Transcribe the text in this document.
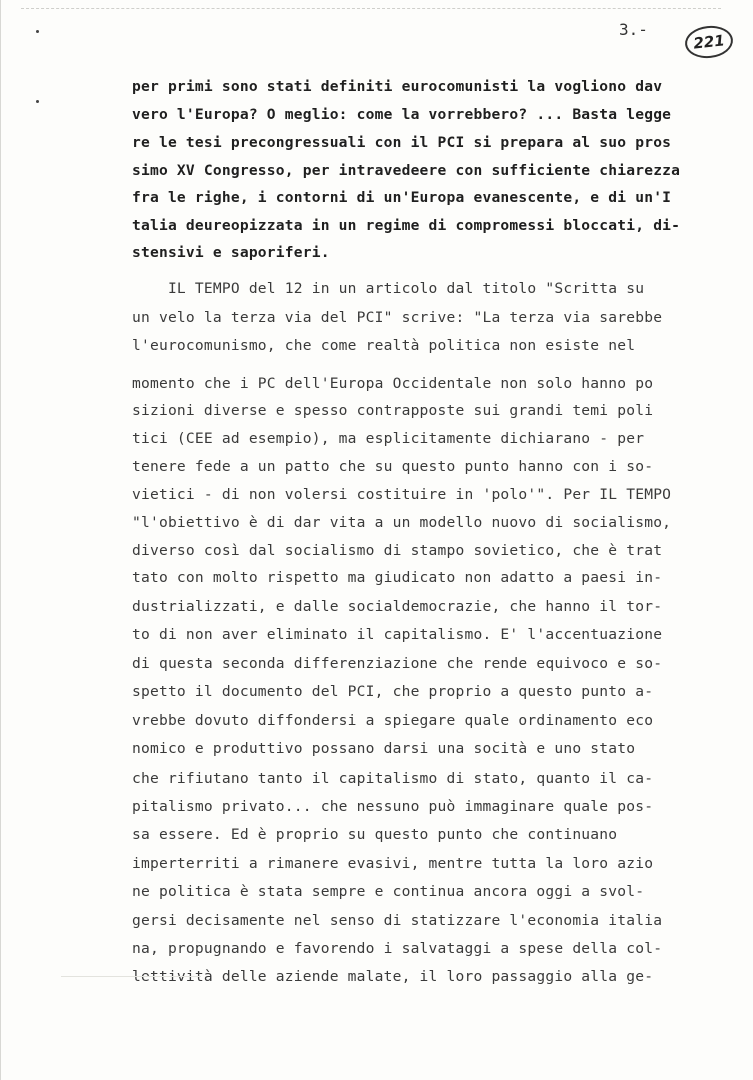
3.-
221
per primi sono stati definiti eurocomunisti la vogliono dav
vero l'Europa? O meglio: come la vorrebbero? ... Basta legge
re le tesi precongressuali con il PCI si prepara al suo pros
simo XV Congresso, per intravedeere con sufficiente chiarezza
fra le righe, i contorni di un'Europa evanescente, e di un'I
talia deureopizzata in un regime di compromessi bloccati, di-
stensivi e saporiferi.
IL TEMPO del 12 in un articolo dal titolo "Scritta su
un velo la terza via del PCI" scrive: "La terza via sarebbe
l'eurocomunismo, che come realtà politica non esiste nel
momento che i PC dell'Europa Occidentale non solo hanno po
sizioni diverse e spesso contrapposte sui grandi temi poli
tici (CEE ad esempio), ma esplicitamente dichiarano - per
tenere fede a un patto che su questo punto hanno con i so-
vietici - di non volersi costituire in 'polo'". Per IL TEMPO
"l'obiettivo è di dar vita a un modello nuovo di socialismo,
diverso così dal socialismo di stampo sovietico, che è trat
tato con molto rispetto ma giudicato non adatto a paesi in-
dustrializzati, e dalle socialdemocrazie, che hanno il tor-
to di non aver eliminato il capitalismo. E' l'accentuazione
di questa seconda differenziazione che rende equivoco e so-
spetto il documento del PCI, che proprio a questo punto a-
vrebbe dovuto diffondersi a spiegare quale ordinamento eco
nomico e produttivo possano darsi una socità e uno stato
che rifiutano tanto il capitalismo di stato, quanto il ca-
pitalismo privato... che nessuno può immaginare quale pos-
sa essere. Ed è proprio su questo punto che continuano
imperterriti a rimanere evasivi, mentre tutta la loro azio
ne politica è stata sempre e continua ancora oggi a svol-
gersi decisamente nel senso di statizzare l'economia italia
na, propugnando e favorendo i salvataggi a spese della col-
lettività delle aziende malate, il loro passaggio alla ge-
